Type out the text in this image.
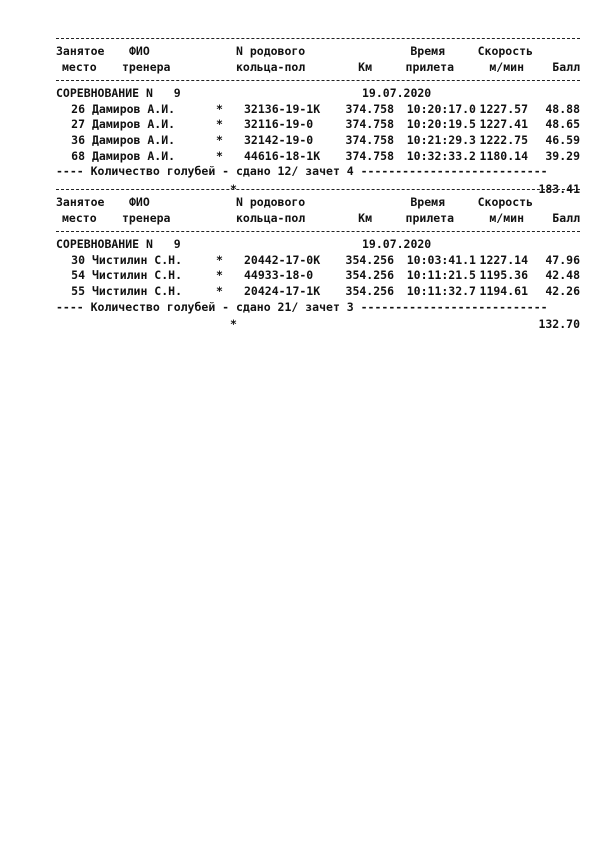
Занятое ФИО	N родового	Время	Скорость
место тренера	кольца-пол	Км	прилета	м/мин Балл
СОРЕВНОВАНИЕ N   9	19.07.2020
26 Дамиров А.И.	* 32136-19-1К 374.758 10:20:17.0 1227.57 48.88
27 Дамиров А.И.	* 32116-19-0	374.758 10:20:19.5 1227.41 48.65
36 Дамиров А.И.	* 32142-19-0	374.758 10:21:29.3 1222.75 46.59
68 Дамиров А.И.	* 44616-18-1К 374.758 10:32:33.2 1180.14 39.29
---- Количество голубей - сдано 12/ зачет 4 ---------------------------
*	183.41
Занятое ФИО	N родового	Время	Скорость
место тренера	кольца-пол	Км	прилета	м/мин Балл
СОРЕВНОВАНИЕ N   9	19.07.2020
30 Чистилин С.Н.	* 20442-17-0К 354.256 10:03:41.1 1227.14 47.96
54 Чистилин С.Н.	* 44933-18-0	354.256 10:11:21.5 1195.36 42.48
55 Чистилин С.Н.	* 20424-17-1К 354.256 10:11:32.7 1194.61 42.26
---- Количество голубей - сдано 21/ зачет 3 ---------------------------
*	132.70
